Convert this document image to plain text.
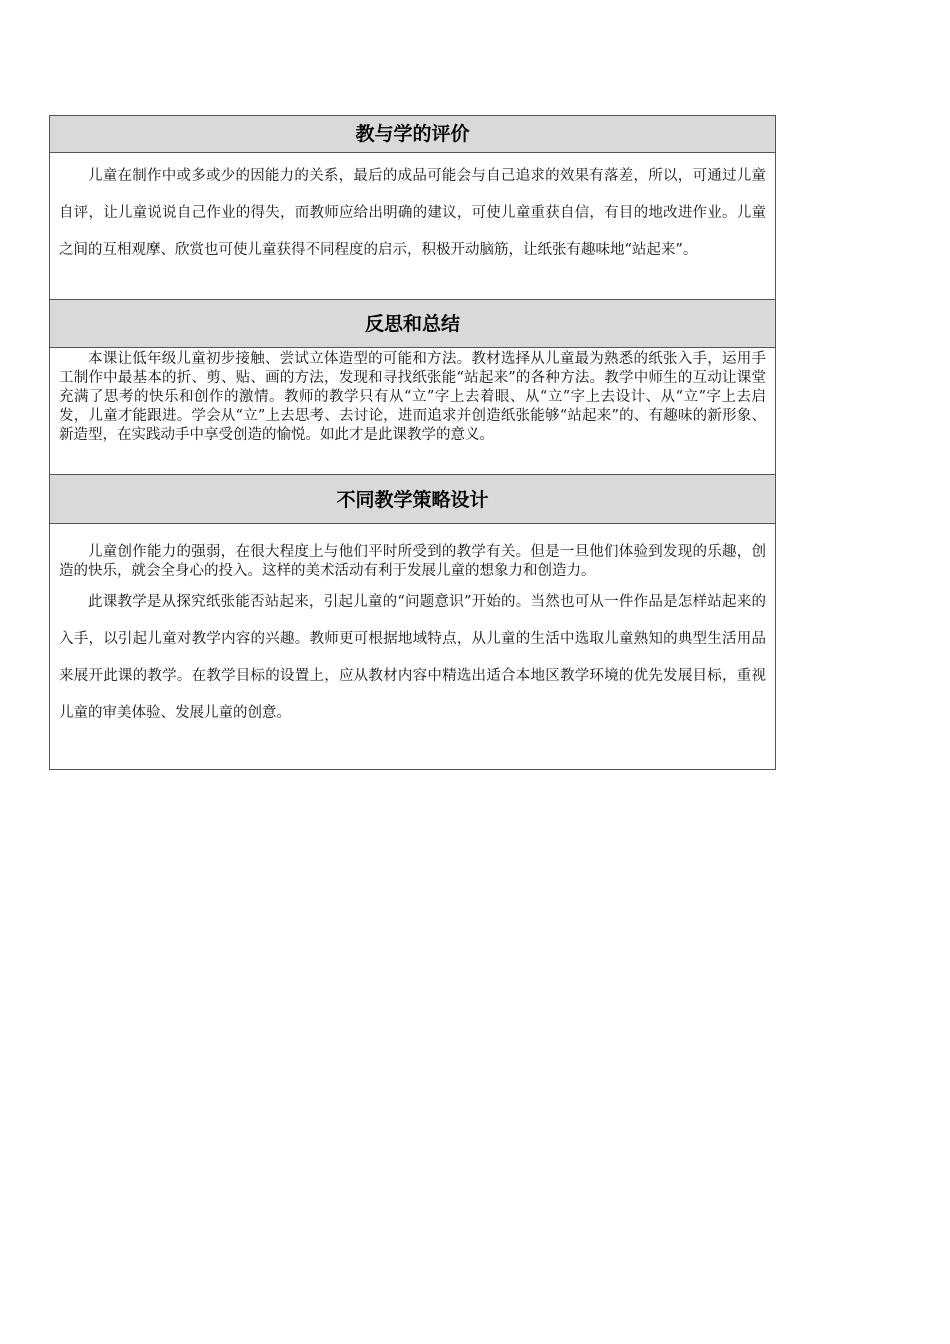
教与学的评价

儿童在制作中或多或少的因能力的关系，最后的成品可能会与自己追求的效果有落差，所以，可通过儿童自评，让儿童说说自己作业的得失，而教师应给出明确的建议，可使儿童重获自信，有目的地改进作业。儿童之间的互相观摩、欣赏也可使儿童获得不同程度的启示，积极开动脑筋，让纸张有趣味地“站起来”。

反思和总结

本课让低年级儿童初步接触、尝试立体造型的可能和方法。教材选择从儿童最为熟悉的纸张入手，运用手工制作中最基本的折、剪、贴、画的方法，发现和寻找纸张能“站起来”的各种方法。教学中师生的互动让课堂充满了思考的快乐和创作的激情。教师的教学只有从“立”字上去着眼、从“立”字上去设计、从“立”字上去启发，儿童才能跟进。学会从“立”上去思考、去讨论，进而追求并创造纸张能够“站起来”的、有趣味的新形象、新造型，在实践动手中享受创造的愉悦。如此才是此课教学的意义。

不同教学策略设计

儿童创作能力的强弱，在很大程度上与他们平时所受到的教学有关。但是一旦他们体验到发现的乐趣，创造的快乐，就会全身心的投入。这样的美术活动有利于发展儿童的想象力和创造力。

此课教学是从探究纸张能否站起来，引起儿童的“问题意识”开始的。当然也可从一件作品是怎样站起来的入手，以引起儿童对教学内容的兴趣。教师更可根据地域特点，从儿童的生活中选取儿童熟知的典型生活用品来展开此课的教学。在教学目标的设置上，应从教材内容中精选出适合本地区教学环境的优先发展目标，重视儿童的审美体验、发展儿童的创意。
